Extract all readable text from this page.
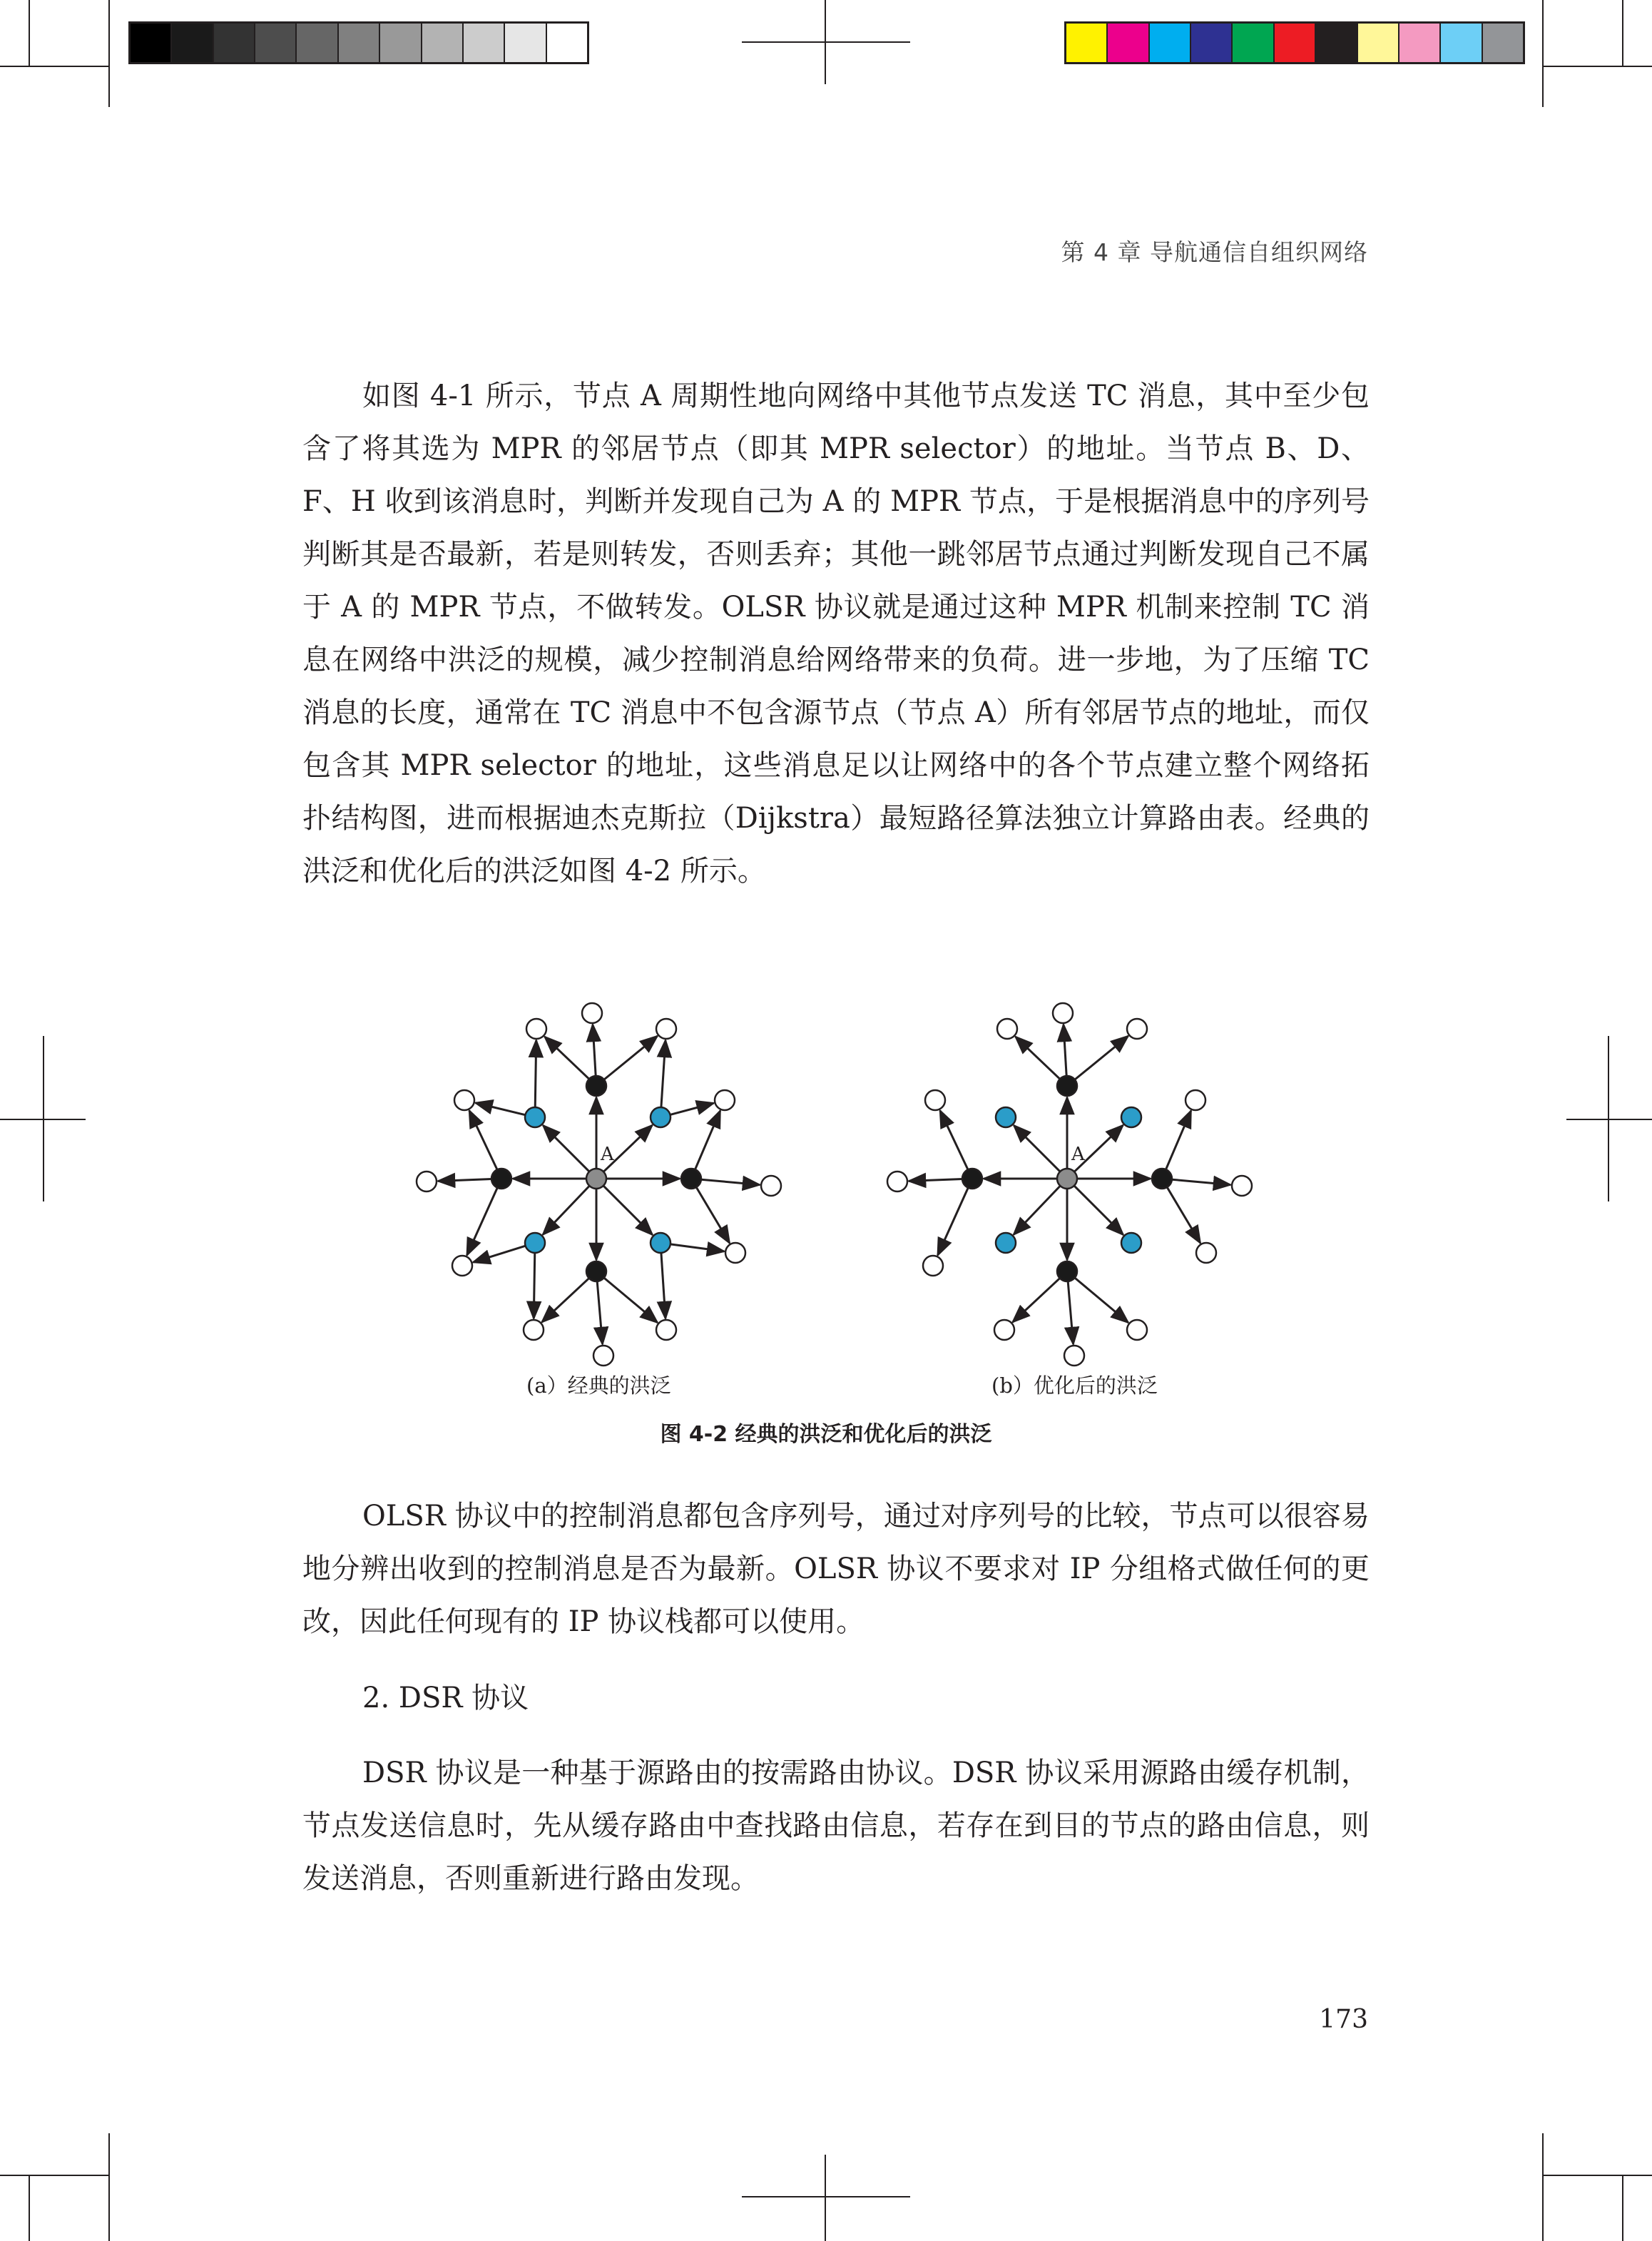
第 4 章 导航通信自组织网络

如图 4-1 所示，节点 A 周期性地向网络中其他节点发送 TC 消息，其中至少包含了将其选为 MPR 的邻居节点（即其 MPR selector）的地址。当节点 B、D、F、H 收到该消息时，判断并发现自己为 A 的 MPR 节点，于是根据消息中的序列号判断其是否最新，若是则转发，否则丢弃；其他一跳邻居节点通过判断发现自己不属于 A 的 MPR 节点，不做转发。OLSR 协议就是通过这种 MPR 机制来控制 TC 消息在网络中洪泛的规模，减少控制消息给网络带来的负荷。进一步地，为了压缩 TC 消息的长度，通常在 TC 消息中不包含源节点（节点 A）所有邻居节点的地址，而仅包含其 MPR selector 的地址，这些消息足以让网络中的各个节点建立整个网络拓扑结构图，进而根据迪杰克斯拉（Dijkstra）最短路径算法独立计算路由表。经典的洪泛和优化后的洪泛如图 4-2 所示。

A	A
(a）经典的洪泛	(b）优化后的洪泛
图 4-2 经典的洪泛和优化后的洪泛

OLSR 协议中的控制消息都包含序列号，通过对序列号的比较，节点可以很容易地分辨出收到的控制消息是否为最新。OLSR 协议不要求对 IP 分组格式做任何的更改，因此任何现有的 IP 协议栈都可以使用。

2. DSR 协议

DSR 协议是一种基于源路由的按需路由协议。DSR 协议采用源路由缓存机制，节点发送信息时，先从缓存路由中查找路由信息，若存在到目的节点的路由信息，则发送消息，否则重新进行路由发现。

173
